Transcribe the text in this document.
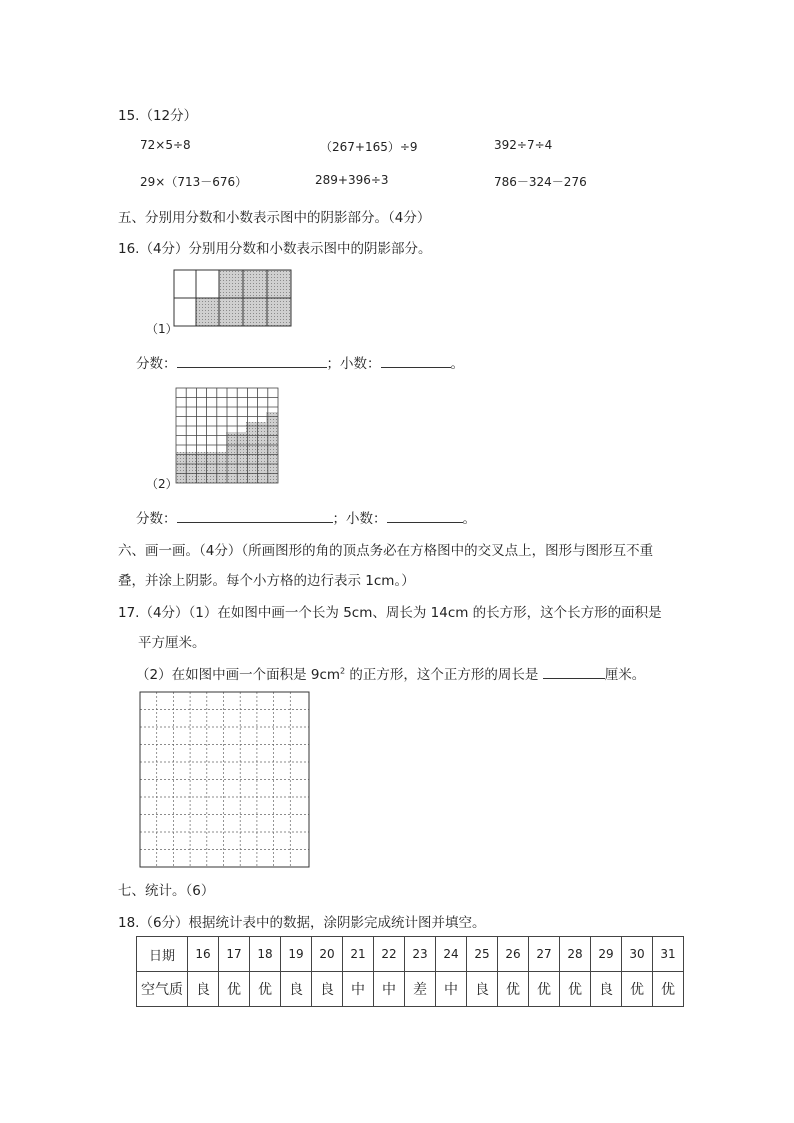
15.（12分）
72×5÷8	（267+165）÷9	392÷7÷4
29×（713－676）	289+396÷3	786－324－276
五、分别用分数和小数表示图中的阴影部分。（4分）
16.（4分）分别用分数和小数表示图中的阴影部分。
（1）
分数：	；小数：	。
（2）
分数：	；小数：	。
六、画一画。（4分）（所画图形的角的顶点务必在方格图中的交叉点上，图形与图形互不重
叠，并涂上阴影。每个小方格的边行表示 1cm。）
17.（4分）（1）在如图中画一个长为 5cm、周长为 14cm 的长方形，这个长方形的面积是
平方厘米。
（2）在如图中画一个面积是 $9cm^2$ 的正方形，这个正方形的周长是	厘米。
七、统计。（6）
18.（6分）根据统计表中的数据，涂阴影完成统计图并填空。
日期	16	17	18	19	20	21	22	23	24	25	26	27	28	29	30	31
空气质	良	优	优	良	良	中	中	差	中	良	优	优	优	良	优	优
